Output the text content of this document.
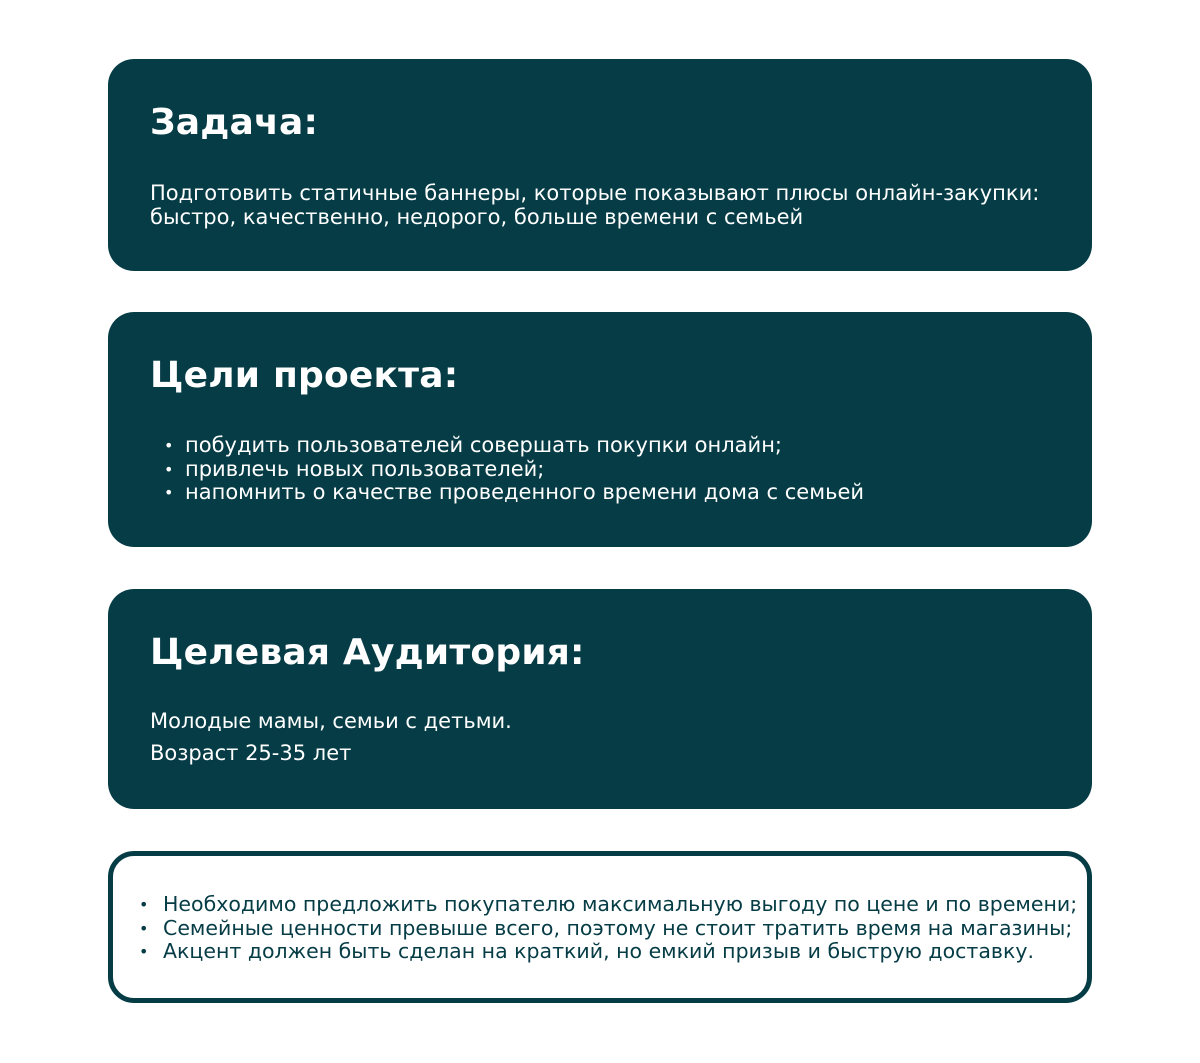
Задача:

Подготовить статичные баннеры, которые показывают плюсы онлайн-закупки: быстро, качественно, недорого, больше времени с семьей

Цели проекта:
• побудить пользователей совершать покупки онлайн;
• привлечь новых пользователей;
• напомнить о качестве проведенного времени дома с семьей
Целевая Аудитория:

Молодые мамы, семьи с детьми.

Возраст 25-35 лет

• Необходимо предложить покупателю максимальную выгоду по цене и по времени;
• Семейные ценности превыше всего, поэтому не стоит тратить время на магазины;
• Акцент должен быть сделан на краткий, но емкий призыв и быструю доставку.
